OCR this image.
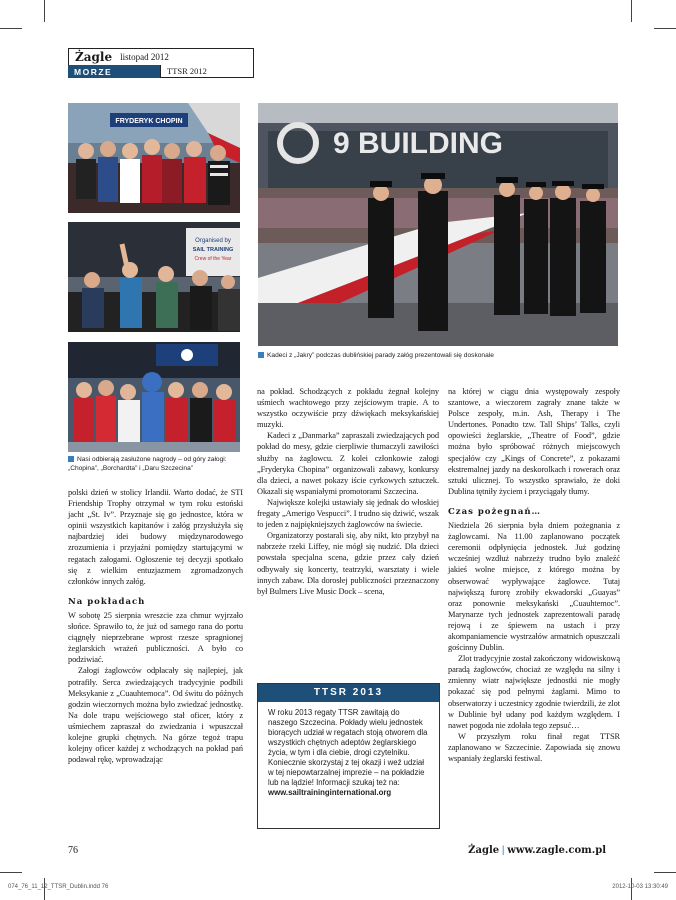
Żagle listopad 2012
MORZE	TTSR 2012
FRYDERYK CHOPIN
Organised by
SAIL TRAINING
Crew of the Year
Nasi odbierają zasłużone nagrody – od góry załogi: „Chopina”, „Borchardta” i „Daru Szczecina”
9 BUILDING
Kadeci z „Jakry” podczas dublińskiej parady załóg prezentowali się doskonale

polski dzień w stolicy Irlandii. Warto dodać, że STI Friendship Trophy otrzymał w tym roku estoński jacht „St. Iv”. Przyznaje się go jednostce, która w opinii wszystkich kapitanów i załóg przysłużyła się najbardziej idei budowy międzynarodowego zrozumienia i przyjaźni pomiędzy startującymi w regatach załogami. Ogłoszenie tej decyzji spotkało się z wielkim entuzjazmem zgromadzonych członków innych załóg.

Na pokładach

W sobotę 25 sierpnia wreszcie zza chmur wyjrzało słońce. Sprawiło to, że już od samego rana do portu ciągnęły nieprzebrane wprost rzesze spragnionej żeglarskich wrażeń publiczności. A było co podziwiać.

Załogi żaglowców odpłacały się najlepiej, jak potrafiły. Serca zwiedzających tradycyjnie podbili Meksykanie z „Cuauhtemoca”. Od świtu do późnych godzin wieczornych można było zwiedzać jednostkę. Na dole trapu wejściowego stał oficer, który z uśmiechem zapraszał do zwiedzania i wpuszczał kolejne grupki chętnych. Na górze tegoż trapu kolejny oficer każdej z wchodzących na pokład pań podawał rękę, wprowadzając

na pokład. Schodzących z pokładu żegnał kolejny uśmiech wachtowego przy zejściowym trapie. A to wszystko oczywiście przy dźwiękach meksykańskiej muzyki.

Kadeci z „Danmarka” zapraszali zwiedzających pod pokład do mesy, gdzie cierpliwie tłumaczyli zawiłości służby na żaglowcu. Z kolei członkowie załogi „Fryderyka Chopina” organizowali zabawy, konkursy dla dzieci, a nawet pokazy iście cyrkowych sztuczek. Okazali się wspaniałymi promotorami Szczecina.

Największe kolejki ustawiały się jednak do włoskiej fregaty „Amerigo Vespucci”. I trudno się dziwić, wszak to jeden z najpiękniejszych żaglowców na świecie.

Organizatorzy postarali się, aby nikt, kto przybył na nabrzeże rzeki Liffey, nie mógł się nudzić. Dla dzieci powstała specjalna scena, gdzie przez cały dzień odbywały się koncerty, teatrzyki, warsztaty i wiele innych zabaw. Dla dorosłej publiczności przeznaczony był Bulmers Live Music Dock – scena,

TTSR 2013
W roku 2013 regaty TTSR zawitają do naszego Szczecina. Pokłady wielu jednostek biorących udział w regatach stoją otworem dla wszystkich chętnych adeptów żeglarskiego życia, w tym i dla ciebie, drogi czytelniku. Koniecznie skorzystaj z tej okazji i weź udział w tej niepowtarzalnej imprezie – na pokładzie lub na lądzie! Informacji szukaj też na:
www.sailtraininginternational.org

na której w ciągu dnia występowały zespoły szantowe, a wieczorem zagrały znane także w Polsce zespoły, m.in. Ash, Therapy i The Undertones. Ponadto tzw. Tall Ships’ Talks, czyli opowieści żeglarskie, „Theatre of Food”, gdzie można było spróbować różnych miejscowych specjałów czy „Kings of Concrete”, z pokazami ekstremalnej jazdy na deskorolkach i rowerach oraz sztuki ulicznej. To wszystko sprawiało, że doki Dublina tętniły życiem i przyciągały tłumy.

Czas pożegnań…

Niedziela 26 sierpnia była dniem pożegnania z żaglowcami. Na 11.00 zaplanowano początek ceremonii odpłynięcia jednostek. Już godzinę wcześniej wzdłuż nabrzeży trudno było znaleźć jakieś wolne miejsce, z którego można by obserwować wypływające żaglowce. Tutaj największą furorę zrobiły ekwadorski „Guayas” oraz ponownie meksykański „Cuauhtemoc”. Marynarze tych jednostek zaprezentowali paradę rejową i ze śpiewem na ustach i przy akompaniamencie wystrzałów armatnich opuszczali gościnny Dublin.

Zlot tradycyjnie został zakończony widowiskową paradą żaglowców, chociaż ze względu na silny i zmienny wiatr największe jednostki nie mogły pokazać się pod pełnymi żaglami. Mimo to obserwatorzy i uczestnicy zgodnie twierdzili, że zlot w Dublinie był udany pod każdym względem. I nawet pogoda nie zdołała tego zepsuć…

W przyszłym roku finał regat TTSR zaplanowano w Szczecinie. Zapowiada się znowu wspaniały żeglarski festiwal.

76	Żagle | www.zagle.com.pl
074_76_11_12_TTSR_Dublin.indd 76	2012-10-03 13:30:49
